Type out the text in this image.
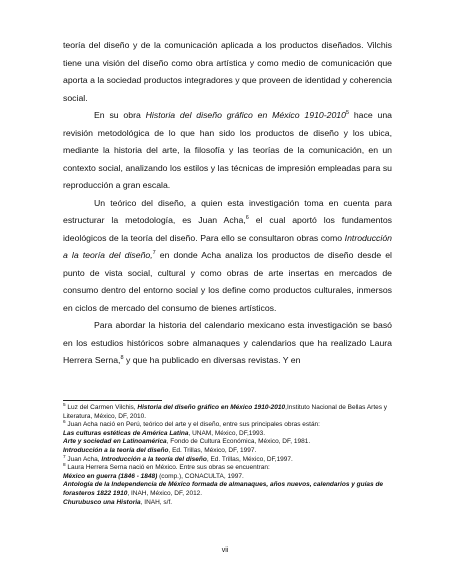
teoría del diseño y de la comunicación aplicada a los productos diseñados. Vilchis tiene una visión del diseño como obra artística y como medio de comunicación que aporta a la sociedad productos integradores y que proveen de identidad y coherencia social.

En su obra Historia del diseño gráfico en México 1910-2010$^5$ hace una revisión metodológica de lo que han sido los productos de diseño y los ubica, mediante la historia del arte, la filosofía y las teorías de la comunicación, en un contexto social, analizando los estilos y las técnicas de impresión empleadas para su reproducción a gran escala.

Un teórico del diseño, a quien esta investigación toma en cuenta para estructurar la metodología, es Juan Acha,$^6$ el cual aportó los fundamentos ideológicos de la teoría del diseño. Para ello se consultaron obras como Introducción a la teoría del diseño,$^7$ en donde Acha analiza los productos de diseño desde el punto de vista social, cultural y como obras de arte insertas en mercados de consumo dentro del entorno social y los define como productos culturales, inmersos en ciclos de mercado del consumo de bienes artísticos.

Para abordar la historia del calendario mexicano esta investigación se basó en los estudios históricos sobre almanaques y calendarios que ha realizado Laura Herrera Serna,$^8$ y que ha publicado en diversas revistas. Y en

$^5$ Luz del Carmen Vilchis, Historia del diseño gráfico en México 1910-2010,Instituto Nacional de Bellas Artes y Literatura, México, DF, 2010.

$^6$ Juan Acha nació en Perú, teórico del arte y el diseño, entre sus principales obras están:

Las culturas estéticas de América Latina, UNAM, México, DF,1993.

Arte y sociedad en Latinoamérica, Fondo de Cultura Económica, México, DF, 1981.

Introducción a la teoría del diseño, Ed. Trillas, México, DF, 1997.

$^7$ Juan Acha, Introducción a la teoría del diseño, Ed. Trillas, México, DF,1997.

$^8$ Laura Herrera Serna nació en México. Entre sus obras se encuentran:

México en guerra (1846 - 1848) (comp.), CONACULTA, 1997.

Antología de la Independencia de México formada de almanaques, años nuevos, calendarios y guías de forasteros 1822 1910, INAH, México, DF, 2012.

Churubusco una Historia, INAH, s/f.

vii
